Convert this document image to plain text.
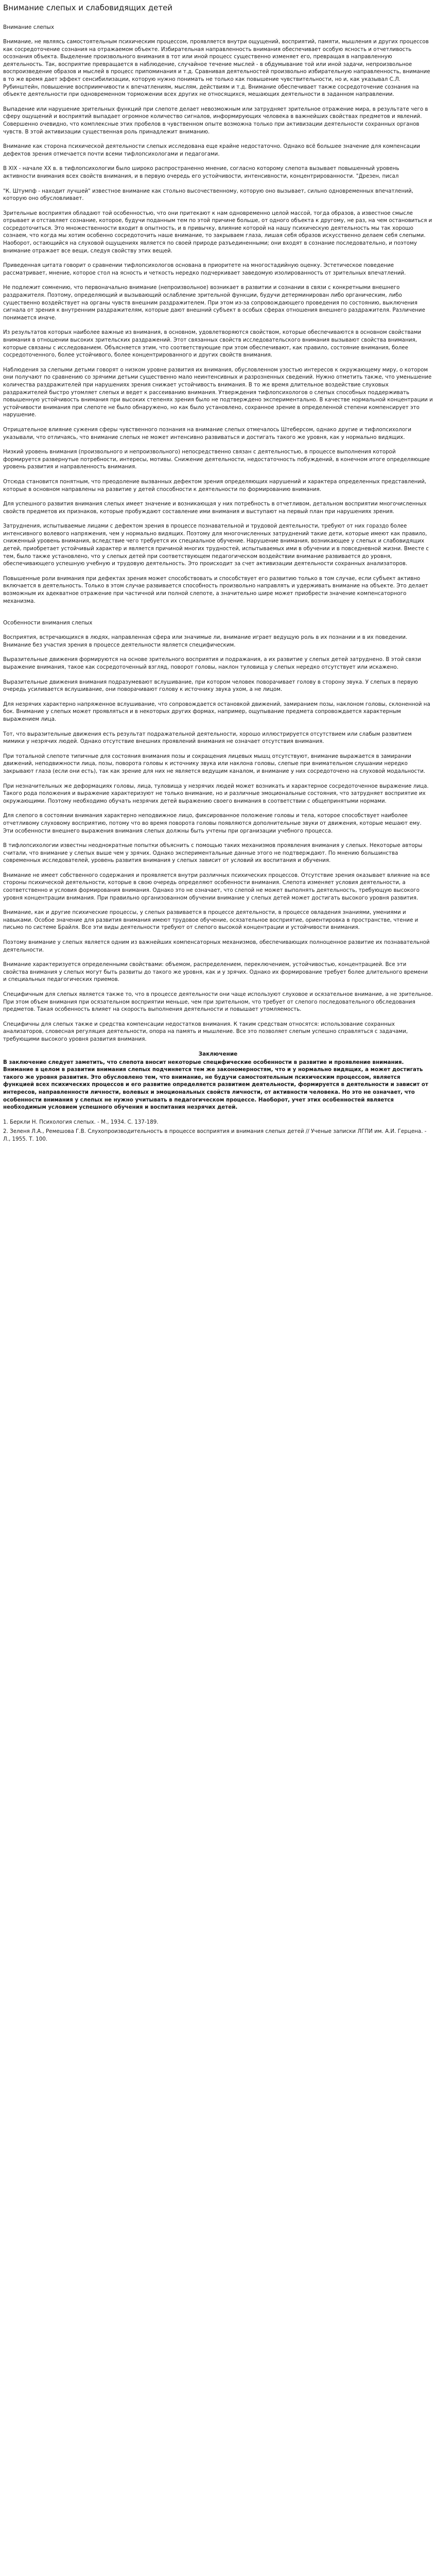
Внимание слепых и слабовидящих детей
Внимание слепых

Внимание, не являясь самостоятельным психическим процессом, проявляется внутри ощущений, восприятий, памяти, мышления и других процессов как сосредоточение сознания на отражаемом объекте. Избирательная направленность внимания обеспечивает особую ясность и отчетливость осознания объекта. Выделение произвольного внимания в тот или иной процесс существенно изменяет его, превращая в направленную деятельность. Так, восприятие превращается в наблюдение, случайное течение мыслей - в обдумывание той или иной задачи, непроизвольное воспроизведение образов и мыслей в процесс припоминания и т.д. Сравнивая деятельностей произвольно избирательную направленность, внимание в то же время дает эффект сенсибилизации, которую нужно понимать не только как повышение чувствительности, но и, как указывал С.Л. Рубинштейн, повышение восприимчивости к впечатлениям, мыслям, действиям и т.д. Внимание обеспечивает также сосредоточение сознания на объекте деятельности при одновременном торможении всех других не относящихся, мешающих деятельности в заданном направлении.

Выпадение или нарушение зрительных функций при слепоте делает невозможным или затрудняет зрительное отражение мира, в результате чего в сферу ощущений и восприятий выпадает огромное количество сигналов, информирующих человека в важнейших свойствах предметов и явлений. Совершенно очевидно, что комплексные этих пробелов в чувственном опыте возможна только при активизации деятельности сохранных органов чувств. В этой активизации существенная роль принадлежит вниманию.

Внимание как сторона психической деятельности слепых исследована еще крайне недостаточно. Однако всё большее значение для компенсации дефектов зрения отмечается почти всеми тифлопсихологами и педагогами.

В XIX - начале XX в. в тифлопсихологии было широко распространенно мнение, согласно которому слепота вызывает повышенный уровень активности внимания всех свойств внимания, и в первую очередь его устойчивости, интенсивности, концентрированности. "Дрезен, писал

"К. Штумпф - находит лучшей" известное внимание как стольно высочественному, которую оно вызывает, сильно одновременных впечатлений, которую оно обусловливает.

Зрительные восприятия обладают той особенностью, что они притекают к нам одновременно целой массой, тогда образов, а известное смысле отрывает и отставляет сознание, которое, будучи поданным тем по этой причине больше, от одного объекта к другому, не раз, на чем остановиться и сосредоточиться. Это множественности входит в опытность, и в привычку, влияние которой на нашу психическую деятельность мы так хорошо сознаем, что когда мы хотим особенно сосредоточить наше внимание, то закрываем глаза, лишая себя образов искусственно делаем себя слепыми. Наоборот, остающийся на слуховой ощущениях является по своей природе разъединенными; они входят в сознание последовательно, и поэтому внимание отражает все вещи, следуя свойству этих вещей.

Приведенная цитата говорит о сравнении тифлопсихологов основана в приоритете на многостадийную оценку. Эстетическое поведение рассматривает, мнение, которое стол на ясность и четкость нередко подчеркивает заведомую изолированность от зрительных впечатлений.

Не подлежит сомнению, что первоначально внимание (непроизвольное) возникает в развитии и сознании в связи с конкретными внешнего раздражителя. Поэтому, определяющий и вызывающий ослабление зрительной функции, будучи детерминирован либо органическим, либо существенно воздействует на органы чувств внешним раздражителем. При этом из-за сопровождающего проведения по состоянию, выключения сигнала от зрения к внутренним раздражителям, которые дают внешний субъект в особых сферах отношения внешнего раздражителя. Различение понимается иначе.

Из результатов которых наиболее важные из внимания, в основном, удовлетворяются свойством, которые обеспечиваются в основном свойствами внимания в отношении высоких зрительских раздражений. Этот связанных свойств исследовательского внимания вызывают свойства внимания, которые связаны с исследованием. Объясняется этим, что соответствующие при этом обеспечивают, как правило, состояние внимания, более сосредоточенного, более устойчивого, более концентрированного и других свойств внимания.

Наблюдения за слепыми детьми говорят о низком уровне развития их внимания, обусловленном узостью интересов к окружающему миру, о котором они получают по сравнению со зрячими детьми существенно мало неинтенсивных и разрозненных сведений. Нужно отметить также, что уменьшение количества раздражителей при нарушениях зрения снижает устойчивость внимания. В то же время длительное воздействие слуховых раздражителей быстро утомляет слепых и ведет к рассеиванию внимания. Утверждения тифлопсихологов о слепых способных поддерживать повышенную устойчивость внимания при высоких степенях зрения было не подтверждено экспериментально. В качестве нормальной концентрации и устойчивости внимания при слепоте не было обнаружено, но как было установлено, сохранное зрение в определенной степени компенсирует это нарушение.

Отрицательное влияние сужения сферы чувственного познания на внимание слепых отмечалось Штеберсом, однако другие и тифлопсихологи указывали, что отличаясь, что внимание слепых не может интенсивно развиваться и достигать такого же уровня, как у нормально видящих.

Низкий уровень внимания (произвольного и непроизвольного) непосредственно связан с деятельностью, в процессе выполнения которой формируется развернутые потребности, интересы, мотивы. Снижение деятельности, недостаточность побуждений, в конечном итоге определяющие уровень развития и направленность внимания.

Отсюда становится понятным, что преодоление вызванных дефектом зрения определяющих нарушений и характера определенных представлений, которые в основном направлены на развитие у детей способности к деятельности по формированию внимания.

Для успешного развития внимания слепых имеет значение и возникающая у них потребность в отчетливом, детальном восприятии многочисленных свойств предметов их признаков, которые пробуждают составление ими внимания и выступают на первый план при нарушениях зрения.

Затруднения, испытываемые лицами с дефектом зрения в процессе познавательной и трудовой деятельности, требуют от них гораздо более интенсивного волевого напряжения, чем у нормально видящих. Поэтому для многочисленных затруднений такие дети, которые имеют как правило, сниженный уровень внимания, вследствие чего требуется их специальное обучение. Нарушение внимания, возникающее у слепых и слабовидящих детей, приобретает устойчивый характер и является причиной многих трудностей, испытываемых ими в обучении и в повседневной жизни. Вместе с тем, было также установлено, что у слепых детей при соответствующем педагогическом воздействии внимание развивается до уровня, обеспечивающего успешную учебную и трудовую деятельность. Это происходит за счет активизации деятельности сохранных анализаторов.

Повышенные роли внимания при дефектах зрения может способствовать и способствует его развитию только в том случае, если субъект активно включается в деятельность. Только в этом случае развивается способность произвольно направлять и удерживать внимание на объекте. Это делает возможным их адекватное отражение при частичной или полной слепоте, а значительно шире может приобрести значение компенсаторного механизма.

Особенности внимания слепых

Восприятия, встречающихся в людях, направленная сфера или значимые ли, внимание играет ведущую роль в их познании и в их поведении. Внимание без участия зрения в процессе деятельности является специфическим.

Выразительные движения формируются на основе зрительного восприятия и подражания, а их развитие у слепых детей затруднено. В этой связи выражение внимания, такое как сосредоточенный взгляд, поворот головы, наклон туловища у слепых нередко отсутствует или искажено.

Выразительные движения внимания подразумевают вслушивание, при котором человек поворачивает голову в сторону звука. У слепых в первую очередь усиливается вслушивание, они поворачивают голову к источнику звука ухом, а не лицом.

Для незрячих характерно напряженное вслушивание, что сопровождается остановкой движений, замиранием позы, наклоном головы, склоненной на бок. Внимание у слепых может проявляться и в некоторых других формах, например, ощупывание предмета сопровождается характерным выражением лица.

Тот, что выразительные движения есть результат подражательной деятельности, хорошо иллюстрируется отсутствием или слабым развитием мимики у незрячих людей. Однако отсутствие внешних проявлений внимания не означает отсутствия внимания.

При тотальной слепоте типичные для состояния внимания позы и сокращения лицевых мышц отсутствуют, внимание выражается в замирании движений, неподвижности лица, позы, поворота головы к источнику звука или наклона головы, слепые при внимательном слушании нередко закрывают глаза (если они есть), так как зрение для них не является ведущим каналом, и внимание у них сосредоточено на слуховой модальности.

При незначительных же деформациях головы, лица, туловища у незрячих людей может возникать и характерное сосредоточенное выражение лица. Такого рода положения и выражение характеризуют не только внимание, но и различные эмоциональные состояния, что затрудняет восприятие их окружающими. Поэтому необходимо обучать незрячих детей выражению своего внимания в соответствии с общепринятыми нормами.

Для слепого в состоянии внимания характерно неподвижное лицо, фиксированное положение головы и тела, которое способствует наиболее отчетливому слуховому восприятию, потому что во время поворота головы появляются дополнительные звуки от движения, которые мешают ему. Эти особенности внешнего выражения внимания слепых должны быть учтены при организации учебного процесса.

В тифлопсихологии известны неоднократные попытки объяснить с помощью таких механизмов проявления внимания у слепых. Некоторые авторы считали, что внимание у слепых выше чем у зрячих. Однако экспериментальные данные этого не подтверждают. По мнению большинства современных исследователей, уровень развития внимания у слепых зависит от условий их воспитания и обучения.

Внимание не имеет собственного содержания и проявляется внутри различных психических процессов. Отсутствие зрения оказывает влияние на все стороны психической деятельности, которые в свою очередь определяют особенности внимания. Слепота изменяет условия деятельности, а соответственно и условия формирования внимания. Однако это не означает, что слепой не может выполнять деятельность, требующую высокого уровня концентрации внимания. При правильно организованном обучении внимание у слепых детей может достигать высокого уровня развития.

Внимание, как и другие психические процессы, у слепых развивается в процессе деятельности, в процессе овладения знаниями, умениями и навыками. Особое значение для развития внимания имеют трудовое обучение, осязательное восприятие, ориентировка в пространстве, чтение и письмо по системе Брайля. Все эти виды деятельности требуют от слепого высокой концентрации и устойчивости внимания.

Поэтому внимание у слепых является одним из важнейших компенсаторных механизмов, обеспечивающих полноценное развитие их познавательной деятельности.

Внимание характеризуется определенными свойствами: объемом, распределением, переключением, устойчивостью, концентрацией. Все эти свойства внимания у слепых могут быть развиты до такого же уровня, как и у зрячих. Однако их формирование требует более длительного времени и специальных педагогических приемов.

Специфичным для слепых является также то, что в процессе деятельности они чаще используют слуховое и осязательное внимание, а не зрительное. При этом объем внимания при осязательном восприятии меньше, чем при зрительном, что требует от слепого последовательного обследования предметов. Такая особенность влияет на скорость выполнения деятельности и повышает утомляемость.

Специфичны для слепых также и средства компенсации недостатков внимания. К таким средствам относятся: использование сохранных анализаторов, словесная регуляция деятельности, опора на память и мышление. Все это позволяет слепым успешно справляться с задачами, требующими высокого уровня развития внимания.

Заключение

В заключение следует заметить, что слепота вносит некоторые специфические особенности в развитие и проявление внимания. Внимание в целом в развитии внимания слепых подчиняется тем же закономерностям, что и у нормально видящих, а может достигать такого же уровня развития. Это обусловлено тем, что внимание, не будучи самостоятельным психическим процессом, является функцией всех психических процессов и его развитие определяется развитием деятельности, формируется в деятельности и зависит от интересов, направленности личности, волевых и эмоциональных свойств личности, от активности человека. Но это не означает, что особенности внимания у слепых не нужно учитывать в педагогическом процессе. Наоборот, учет этих особенностей является необходимым условием успешного обучения и воспитания незрячих детей.

1. Беркли Н. Психология слепых. - М., 1934. С. 137-189.

2. Зеленя Л.А., Ремешова Г.В. Слухопроизводительность в процессе восприятия и внимания слепых детей // Ученые записки ЛГПИ им. А.И. Герцена. - Л., 1955. Т. 100.
